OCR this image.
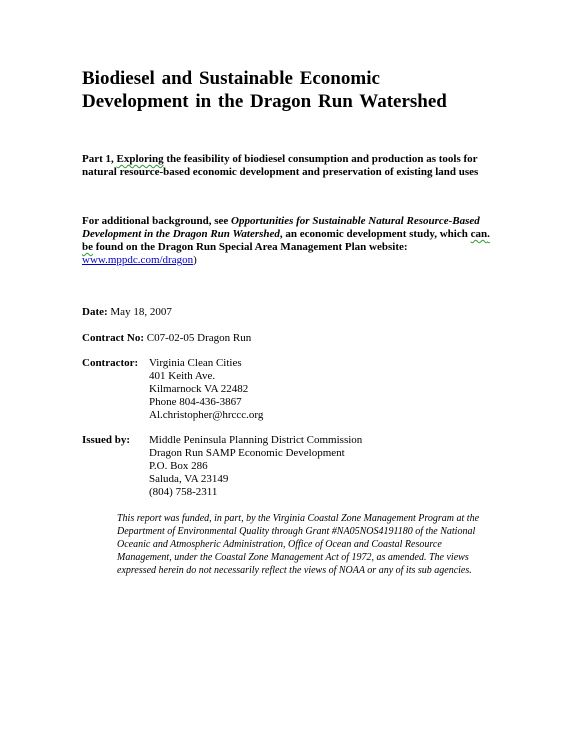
Biodiesel and Sustainable Economic
Development in the Dragon Run Watershed

Part 1, Exploring the feasibility of biodiesel consumption and production as tools for natural resource-based economic development and preservation of existing land uses

For additional background, see Opportunities for Sustainable Natural Resource-Based Development in the Dragon Run Watershed, an economic development study, which can. be found on the Dragon Run Special Area Management Plan website: www.mppdc.com/dragon)

Date: May 18, 2007

Contract No: C07-02-05 Dragon Run

Contractor: Virginia Clean Cities
401 Keith Ave.
Kilmarnock VA 22482
Phone 804-436-3867
Al.christopher@hrccc.org
Issued by: Middle Peninsula Planning District Commission
Dragon Run SAMP Economic Development
P.O. Box 286
Saluda, VA 23149
(804) 758-2311

This report was funded, in part, by the Virginia Coastal Zone Management Program at the Department of Environmental Quality through Grant #NA05NOS4191180 of the National Oceanic and Atmospheric Administration, Office of Ocean and Coastal Resource Management, under the Coastal Zone Management Act of 1972, as amended. The views expressed herein do not necessarily reflect the views of NOAA or any of its sub agencies.
